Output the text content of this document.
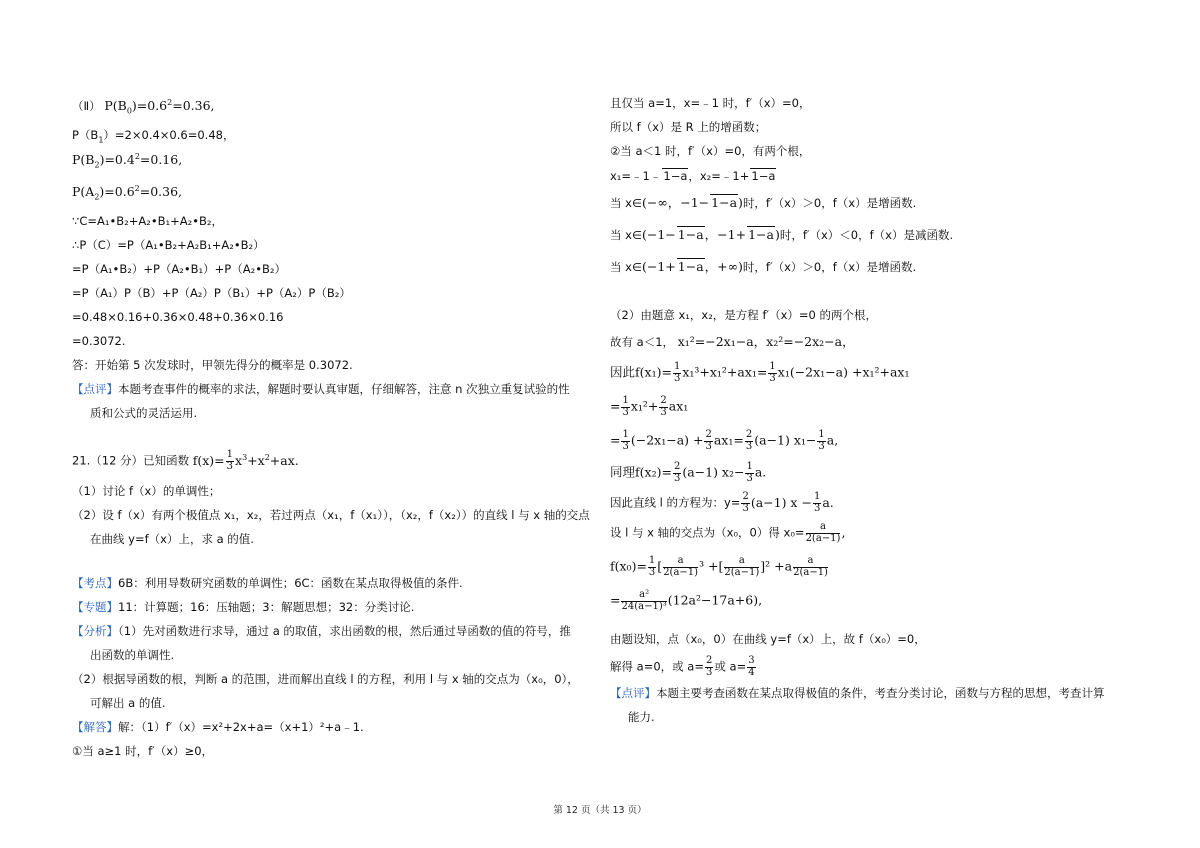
（Ⅱ） $P(B_0)=0.6^2=0.36$,
$P(B_1)=2\times 0.4\times 0.6=0.48$，
$P(B_2)=0.4^2=0.16$,
$P(A_2)=0.6^2=0.36$,
∵C=A₁•B₂+A₂•B₁+A₂•B₂，
∴P（C）=P（A₁•B₂+A₂B₁+A₂•B₂）
=P（A₁•B₂）+P（A₂•B₁）+P（A₂•B₂）
=P（A₁）P（B）+P（A₂）P（B₁）+P（A₂）P（B₂）
=0.48×0.16+0.36×0.48+0.36×0.16
=0.3072.
答：开始第 5 次发球时，甲领先得分的概率是 0.3072.
【点评】本题考查事件的概率的求法，解题时要认真审题，仔细解答，注意 n 次独立重复试验的性
质和公式的灵活运用.
21.（12 分）已知函数 $f(x)= \frac{1}{3} x^3+x^2+ax$.
（1）讨论 f（x）的单调性；
（2）设 f（x）有两个极值点 x₁，x₂，若过两点（x₁，f（x₁）），（x₂，f（x₂））的直线 l 与 x 轴的交点
在曲线 y=f（x）上，求 a 的值.
【考点】6B：利用导数研究函数的单调性；6C：函数在某点取得极值的条件.
【专题】11：计算题；16：压轴题；3：解题思想；32：分类讨论.
【分析】（1）先对函数进行求导，通过 a 的取值，求出函数的根，然后通过导函数的值的符号，推
出函数的单调性.
（2）根据导函数的根，判断 a 的范围，进而解出直线 l 的方程，利用 l 与 x 轴的交点为（x₀，0），
可解出 a 的值.
【解答】解：（1）f′（x）=x²+2x+a=（x+1）²+a﹣1.
①当 a≥1 时，f′（x）≥0，
且仅当 a=1，x=﹣1 时，f′（x）=0，
所以 f（x）是 R 上的增函数；
②当 a＜1 时，f′（x）=0，有两个根，
x₁=﹣1﹣ 1−a，x₂=﹣1+ 1−a
当 x∈(−∞，−1− 1−a)时，f′（x）＞0，f（x）是增函数.
当 x∈(−1− 1−a，−1+ 1−a)时，f′（x）＜0，f（x）是减函数.
当 x∈(−1+ 1−a，+∞)时，f′（x）＞0，f（x）是增函数.
（2）由题意 x₁，x₂，是方程 f′（x）=0 的两个根，
故有 a＜1， x₁²=−2x₁−a，x₂²=−2x₂−a，
因此$f(x_1)= \frac{1}{3} x_1^3+x_1^2+ax_1= \frac{1}{3} x_1(-2x_1-a) +x_1^2+ax_1$
= $\frac{1}{3} x_1^2+ \frac{2}{3} ax_1$
= $\frac{1}{3} (-2x_1-a) + \frac{2}{3} ax_1= \frac{2}{3} (a-1)$ $x_1- \frac{1}{3} a$,
同理$f(x_2)= \frac{2}{3} (a-1)$ $x_2- \frac{1}{3} a$.
因此直线 l 的方程为：$y= \frac{2}{3} (a-1) x - \frac{1}{3} a$.
设 l 与 x 轴的交点为（x₀，0）得 $x_0= \frac{a}{2(a-1)}$ ,
$f(x_0)= \frac{1}{3}$ [ $\frac{a}{2(a-1)} ^3$ +[ $\frac{a}{2(a-1)} ]^2 +a \frac{a}{2(a-1)}$
= $\frac{\text{a²}}{\text{24(a−1)³}} (12a^2-17a+6)$,
由题设知，点（x₀，0）在曲线 y=f（x）上，故 f（x₀）=0，
解得 a=0，或 $a= \frac{2}{3}$ 或 $a= \frac{3}{4}$
【点评】本题主要考查函数在某点取得极值的条件，考查分类讨论，函数与方程的思想，考查计算
能力.
第 12 页（共 13 页）
